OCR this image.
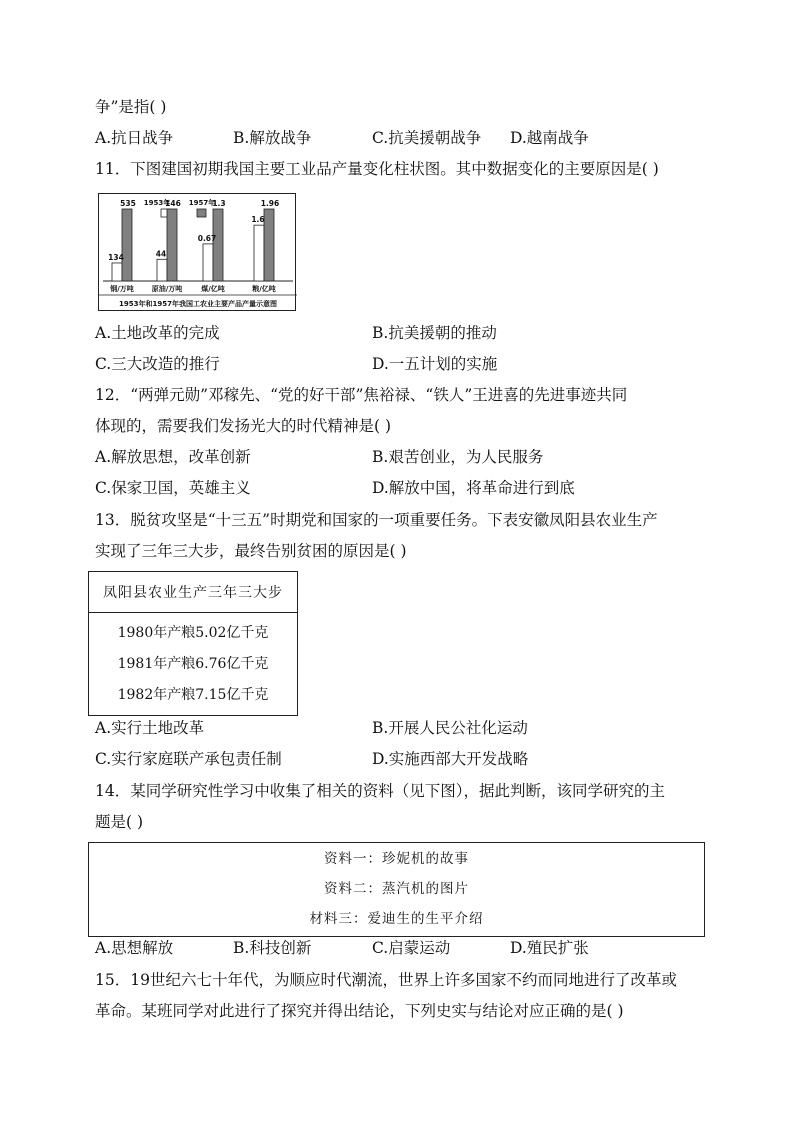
争”是指( )
A.抗日战争	B.解放战争	C.抗美援朝战争 D.越南战争
11．下图建国初期我国主要工业品产量变化柱状图。其中数据变化的主要原因是( )
1953年	1957年
134
535
钢/万吨
44
146
原油/万吨
0.67
1.3
煤/亿吨
1.6
1.96
粮/亿吨
1953年和1957年我国工农业主要产品产量示意图
A.土地改革的完成	B.抗美援朝的推动
C.三大改造的推行	D.一五计划的实施
12．“两弹元勋”邓稼先、“党的好干部”焦裕禄、“铁人”王进喜的先进事迹共同
体现的，需要我们发扬光大的时代精神是( )
A.解放思想，改革创新	B.艰苦创业，为人民服务
C.保家卫国，英雄主义	D.解放中国，将革命进行到底
13．脱贫攻坚是“十三五”时期党和国家的一项重要任务。下表安徽凤阳县农业生产
实现了三年三大步，最终告别贫困的原因是( )
凤阳县农业生产三年三大步
1980年产粮5.02亿千克
1981年产粮6.76亿千克
1982年产粮7.15亿千克
A.实行土地改革	B.开展人民公社化运动
C.实行家庭联产承包责任制	D.实施西部大开发战略
14．某同学研究性学习中收集了相关的资料（见下图），据此判断，该同学研究的主
题是( )
资料一：珍妮机的故事
资料二：蒸汽机的图片
材料三：爱迪生的生平介绍
A.思想解放	B.科技创新	C.启蒙运动	D.殖民扩张
15．19世纪六七十年代，为顺应时代潮流，世界上许多国家不约而同地进行了改革或
革命。某班同学对此进行了探究并得出结论，下列史实与结论对应正确的是( )
